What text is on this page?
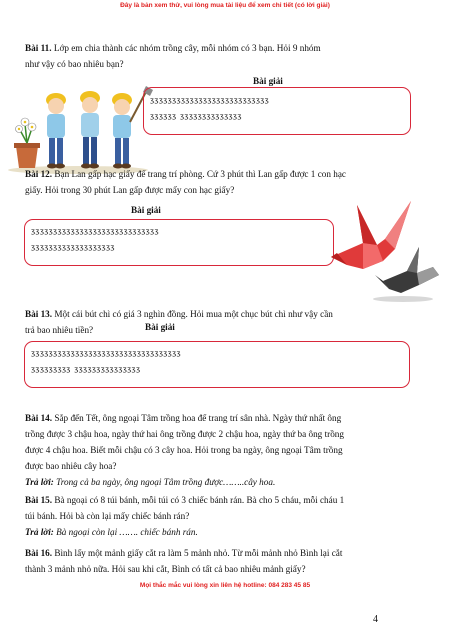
Đây là bản xem thử, vui lòng mua tài liệu để xem chi tiết (có lời giải)
Bài 11. Lớp em chia thành các nhóm trồng cây, mỗi nhóm có 3 bạn. Hỏi 9 nhóm
như vậy có bao nhiêu bạn?
Bài giải
ᶾᶾᶾᶾᶾᶾᶾᶾᶾᶾᶾᶾᶾᶾᶾᶾᶾᶾᶾᶾᶾᶾᶾᶾᶾᶾᶾ
ᶾᶾᶾᶾᶾᶾ ᶾᶾᶾᶾᶾᶾᶾᶾᶾᶾᶾᶾᶾᶾ
Bài 12. Bạn Lan gấp hạc giấy để trang trí phòng. Cứ 3 phút thì Lan gấp được 1 con hạc
giấy. Hỏi trong 30 phút Lan gấp được mấy con hạc giấy?
Bài giải
ᶾᶾᶾᶾᶾᶾᶾᶾᶾᶾᶾᶾᶾᶾᶾᶾᶾᶾᶾᶾᶾᶾᶾᶾᶾᶾᶾᶾᶾ
ᶾᶾᶾᶾᶾᶾᶾᶾᶾᶾᶾᶾᶾᶾᶾᶾᶾᶾᶾ
Bài 13. Một cái bút chì có giá 3 nghìn đồng. Hỏi mua một chục bút chì như vậy cần
trả bao nhiêu tiền?	Bài giải
ᶾᶾᶾᶾᶾᶾᶾᶾᶾᶾᶾᶾᶾᶾᶾᶾᶾᶾᶾᶾᶾᶾᶾᶾᶾᶾᶾᶾᶾᶾᶾᶾᶾᶾ
ᶾᶾᶾᶾᶾᶾᶾᶾᶾ ᶾᶾᶾᶾᶾᶾᶾᶾᶾᶾᶾᶾᶾᶾᶾ
Bài 14. Sắp đến Tết, ông ngoại Tâm trồng hoa để trang trí sân nhà. Ngày thứ nhất ông
trồng được 3 chậu hoa, ngày thứ hai ông trồng được 2 chậu hoa, ngày thứ ba ông trồng
được 4 chậu hoa. Biết mỗi chậu có 3 cây hoa. Hỏi trong ba ngày, ông ngoại Tâm trồng
được bao nhiêu cây hoa?
Trả lời: Trong cả ba ngày, ông ngoại Tâm trồng được……..cây hoa.
Bài 15. Bà ngoại có 8 túi bánh, mỗi túi có 3 chiếc bánh rán. Bà cho 5 cháu, mỗi cháu 1
túi bánh. Hỏi bà còn lại mấy chiếc bánh rán?
Trả lời: Bà ngoại còn lại ……. chiếc bánh rán.
Bài 16. Bình lấy một mảnh giấy cắt ra làm 5 mảnh nhỏ. Từ mỗi mảnh nhỏ Bình lại cắt
thành 3 mảnh nhỏ nữa. Hỏi sau khi cắt, Bình có tất cả bao nhiêu mảnh giấy?
Mọi thắc mắc vui lòng xin liên hệ hotline: 084 283 45 85
4
